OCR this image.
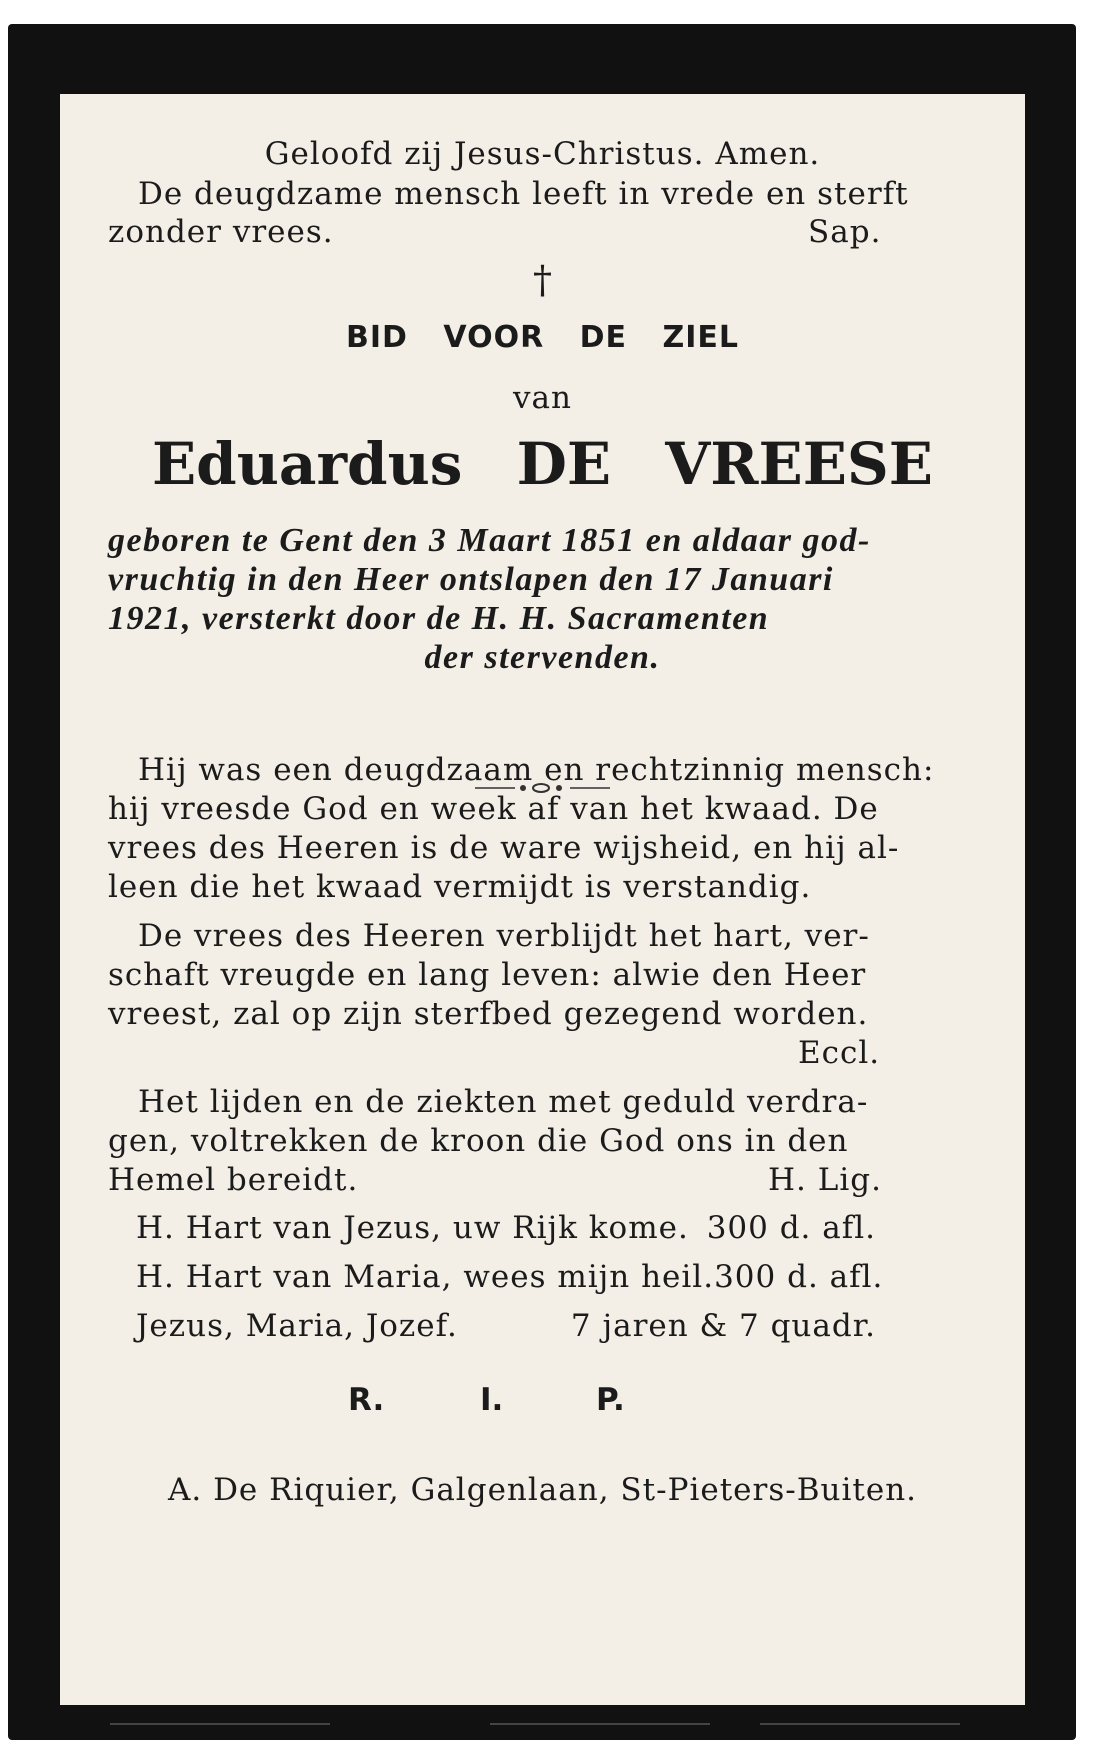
Geloofd zij Jesus-Christus. Amen.
De deugdzame mensch leeft in vrede en sterft
zonder vrees.	Sap.
†
BID VOOR DE ZIEL
van
Eduardus DE VREESE
geboren te Gent den 3 Maart 1851 en aldaar god-
vruchtig in den Heer ontslapen den 17 Januari
1921, versterkt door de H. H. Sacramenten
der stervenden.
Hij was een deugdzaam en rechtzinnig mensch:
hij vreesde God en week af van het kwaad. De
vrees des Heeren is de ware wijsheid, en hij al-
leen die het kwaad vermijdt is verstandig.
De vrees des Heeren verblijdt het hart, ver-
schaft vreugde en lang leven: alwie den Heer
vreest, zal op zijn sterfbed gezegend worden.
Eccl.
Het lijden en de ziekten met geduld verdra-
gen, voltrekken de kroon die God ons in den
Hemel bereidt.	H. Lig.
H. Hart van Jezus, uw Rijk kome. 300 d. afl.
H. Hart van Maria, wees mijn heil. 300 d. afl.
Jezus, Maria, Jozef.	7 jaren & 7 quadr.
R.	I.	P.
A. De Riquier, Galgenlaan, St-Pieters-Buiten.
